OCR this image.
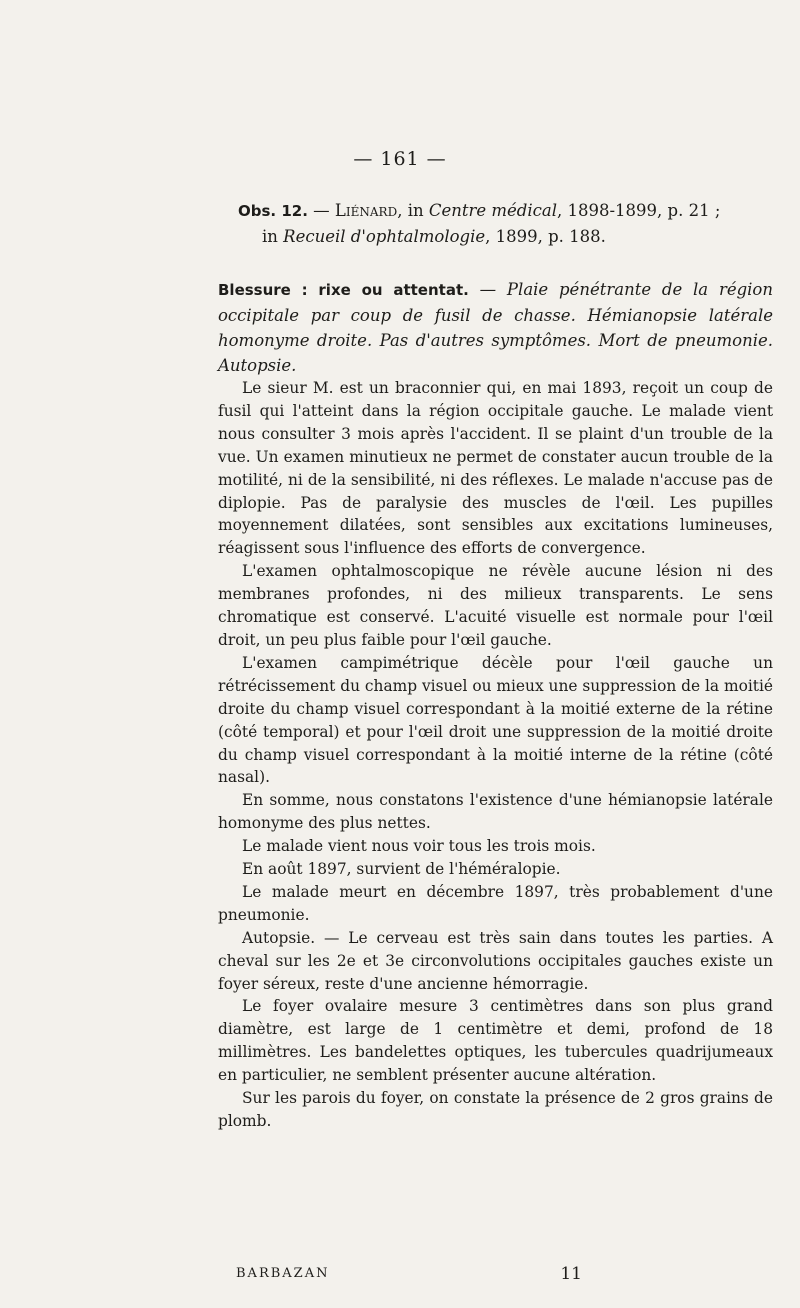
— 161 —
Obs. 12. — Liénard, in Centre médical, 1898-1899, p. 21 ;
in Recueil d'ophtalmologie, 1899, p. 188.
Blessure : rixe ou attentat. — Plaie pénétrante de la région occipitale par coup de fusil de chasse. Hémianopsie latérale homonyme droite. Pas d'autres symptômes. Mort de pneumonie. Autopsie.

Le sieur M. est un braconnier qui, en mai 1893, reçoit un coup de fusil qui l'atteint dans la région occipitale gauche. Le malade vient nous consulter 3 mois après l'accident. Il se plaint d'un trouble de la vue. Un examen minutieux ne permet de constater aucun trouble de la motilité, ni de la sensibilité, ni des réflexes. Le malade n'accuse pas de diplopie. Pas de paralysie des muscles de l'œil. Les pupilles moyennement dilatées, sont sensibles aux excitations lumineuses, réagissent sous l'influence des efforts de convergence.

L'examen ophtalmoscopique ne révèle aucune lésion ni des membranes profondes, ni des milieux transparents. Le sens chromatique est conservé. L'acuité visuelle est normale pour l'œil droit, un peu plus faible pour l'œil gauche.

L'examen campimétrique décèle pour l'œil gauche un rétrécissement du champ visuel ou mieux une suppression de la moitié droite du champ visuel correspondant à la moitié externe de la rétine (côté temporal) et pour l'œil droit une suppression de la moitié droite du champ visuel correspondant à la moitié interne de la rétine (côté nasal).

En somme, nous constatons l'existence d'une hémianopsie latérale homonyme des plus nettes.

Le malade vient nous voir tous les trois mois.

En août 1897, survient de l'héméralopie.

Le malade meurt en décembre 1897, très probablement d'une pneumonie.

Autopsie. — Le cerveau est très sain dans toutes les parties. A cheval sur les 2e et 3e circonvolutions occipitales gauches existe un foyer séreux, reste d'une ancienne hémorragie.

Le foyer ovalaire mesure 3 centimètres dans son plus grand diamètre, est large de 1 centimètre et demi, profond de 18 millimètres. Les bandelettes optiques, les tubercules quadrijumeaux en particulier, ne semblent présenter aucune altération.

Sur les parois du foyer, on constate la présence de 2 gros grains de plomb.

BARBAZAN	11
